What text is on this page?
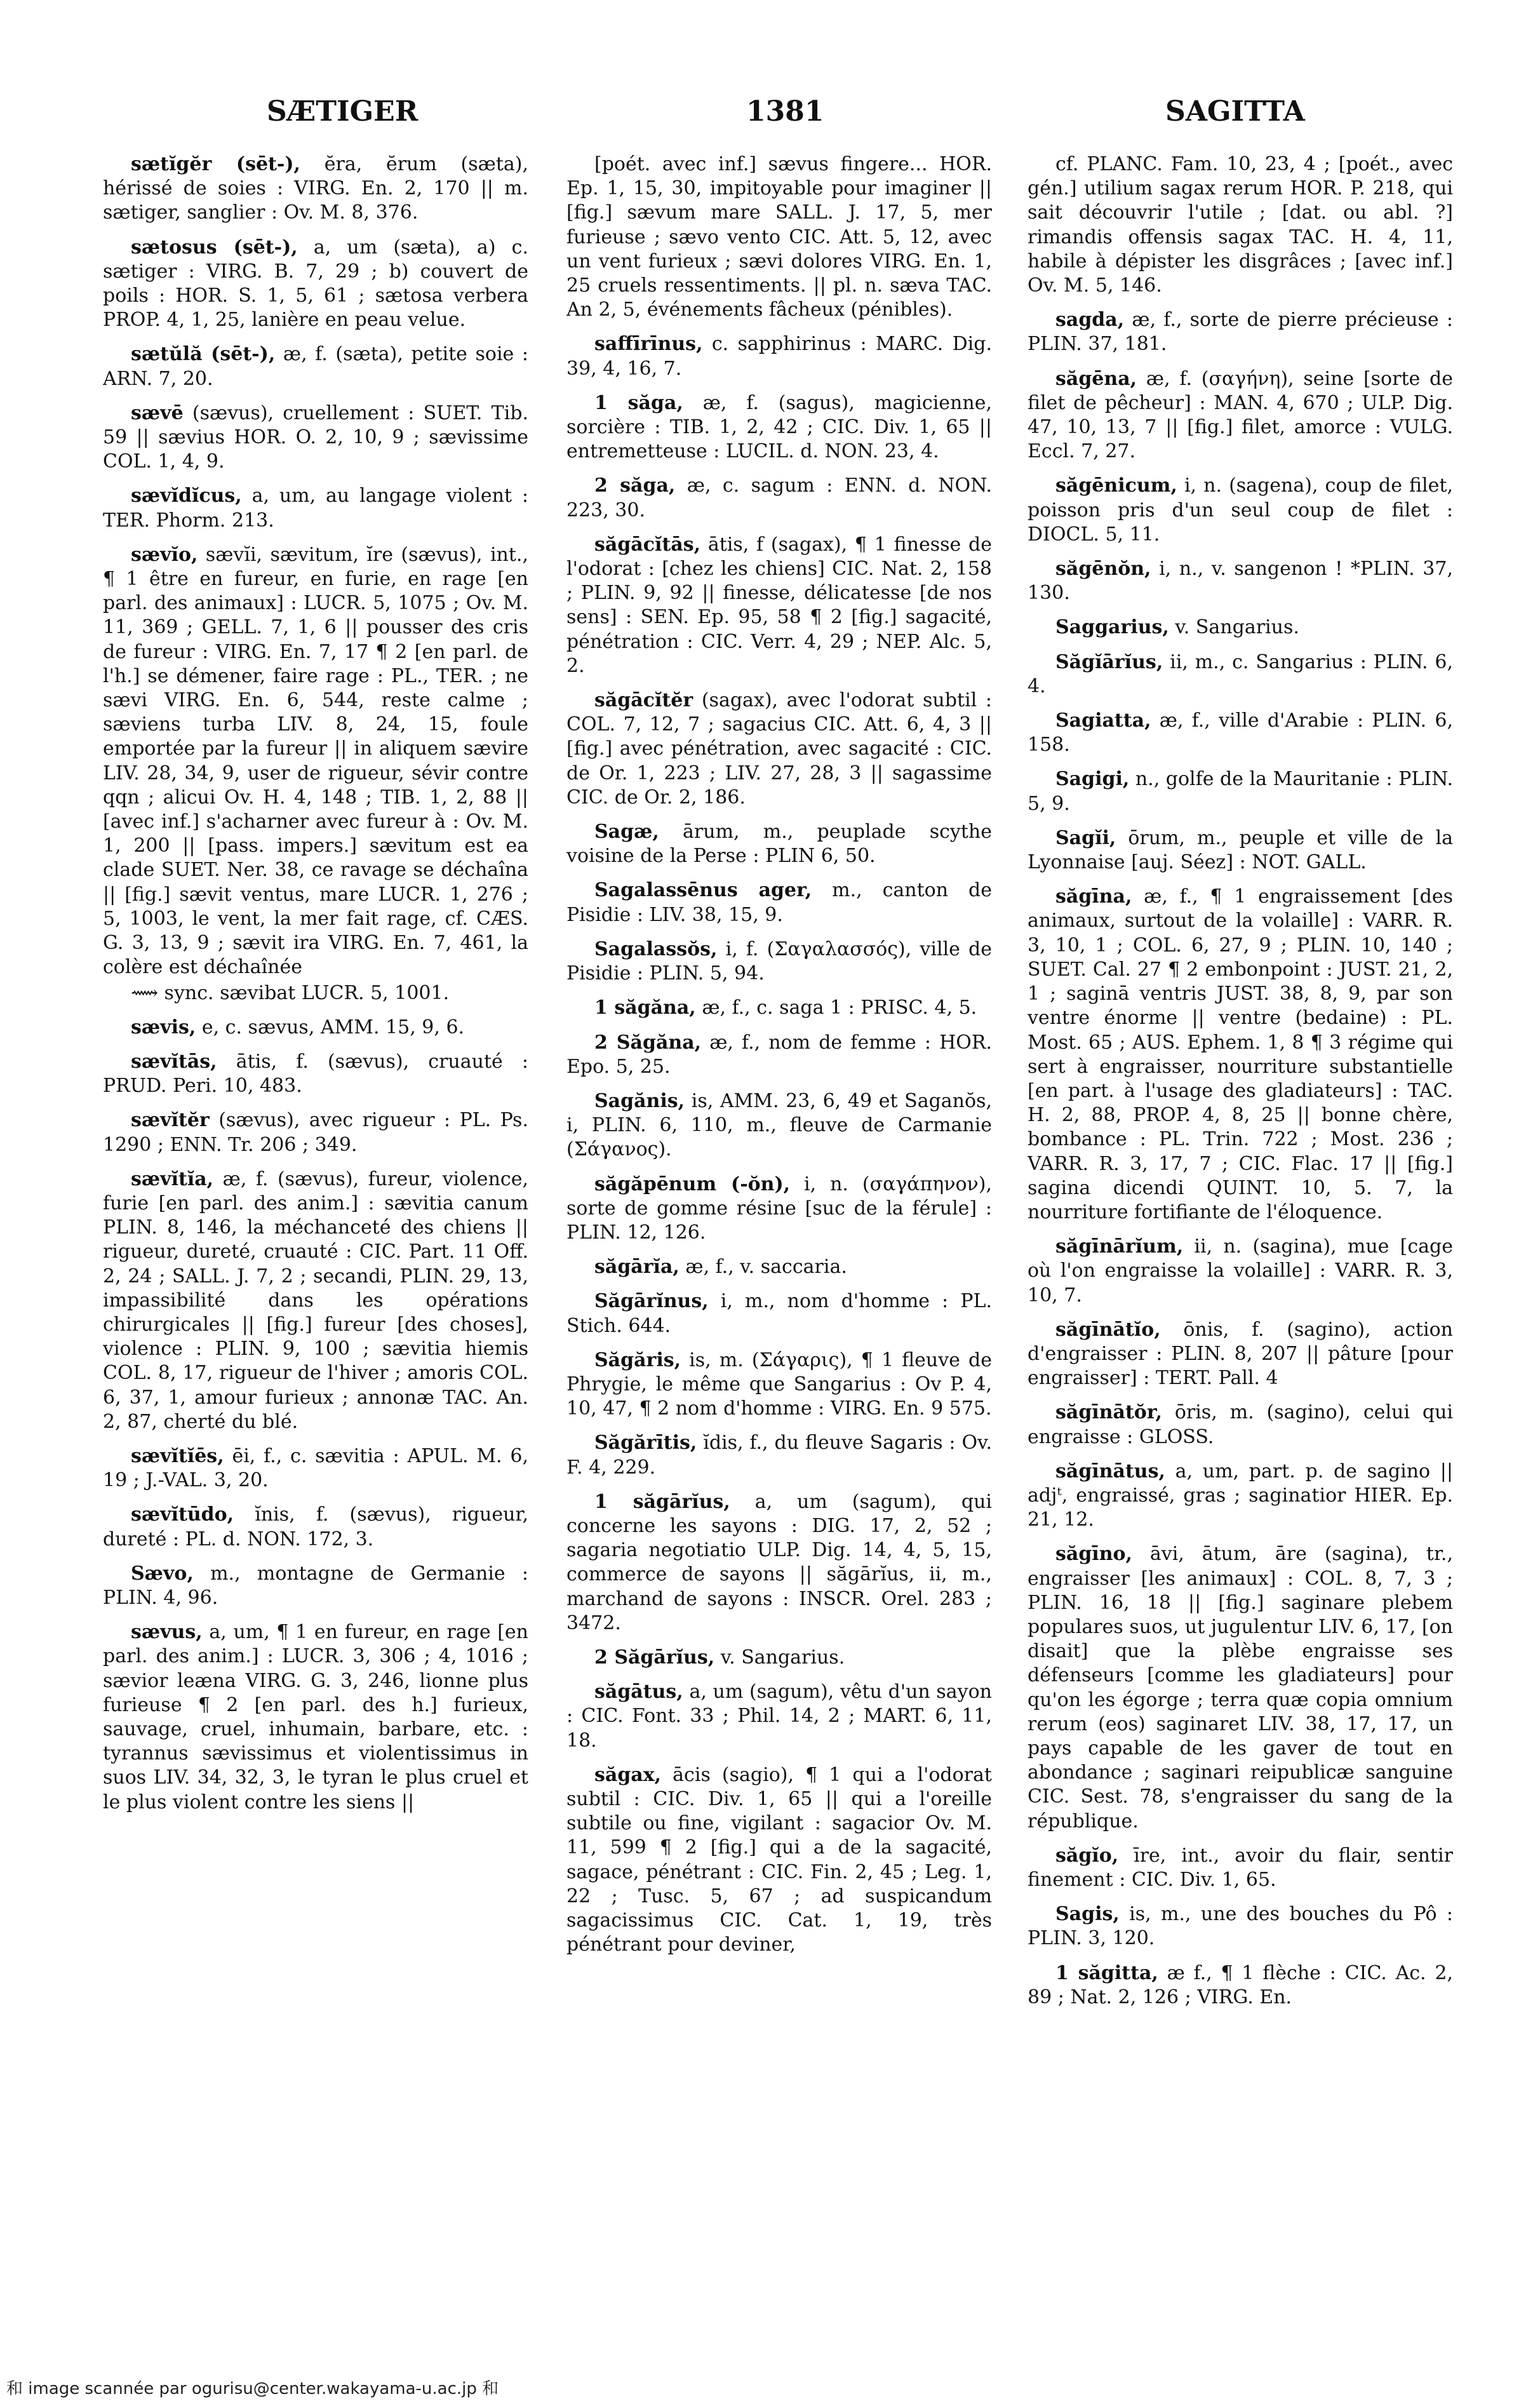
SÆTIGER	1381	SAGITTA

sætĭgĕr (sēt-), ĕra, ĕrum (sæta), hérissé de soies : VIRG. En. 2, 170 || m. sætiger, sanglier : Ov. M. 8, 376.

sætosus (sēt-), a, um (sæta), a) c. sætiger : VIRG. B. 7, 29 ; b) couvert de poils : HOR. S. 1, 5, 61 ; sætosa verbera PROP. 4, 1, 25, lanière en peau velue.

sætŭlă (sēt-), æ, f. (sæta), petite soie : ARN. 7, 20.

sævē (sævus), cruellement : SUET. Tib. 59 || sævius HOR. O. 2, 10, 9 ; sævissime COL. 1, 4, 9.

sævĭdĭcus, a, um, au langage violent : TER. Phorm. 213.

sævĭo, sævĭi, sævitum, ĭre (sævus), int., ¶ 1 être en fureur, en furie, en rage [en parl. des animaux] : LUCR. 5, 1075 ; Ov. M. 11, 369 ; GELL. 7, 1, 6 || pousser des cris de fureur : VIRG. En. 7, 17 ¶ 2 [en parl. de l'h.] se démener, faire rage : PL., TER. ; ne sævi VIRG. En. 6, 544, reste calme ; sæviens turba LIV. 8, 24, 15, foule emportée par la fureur || in aliquem sævire LIV. 28, 34, 9, user de rigueur, sévir contre qqn ; alicui Ov. H. 4, 148 ; TIB. 1, 2, 88 || [avec inf.] s'acharner avec fureur à : Ov. M. 1, 200 || [pass. impers.] sævitum est ea clade SUET. Ner. 38, ce ravage se déchaîna || [fig.] sævit ventus, mare LUCR. 1, 276 ; 5, 1003, le vent, la mer fait rage, cf. CÆS. G. 3, 13, 9 ; sævit ira VIRG. En. 7, 461, la colère est déchaînée
⟿ sync. sævibat LUCR. 5, 1001.

sævis, e, c. sævus, AMM. 15, 9, 6.

sævĭtās, ātis, f. (sævus), cruauté : PRUD. Peri. 10, 483.

sævĭtĕr (sævus), avec rigueur : PL. Ps. 1290 ; ENN. Tr. 206 ; 349.

sævĭtĭa, æ, f. (sævus), fureur, violence, furie [en parl. des anim.] : sævitia canum PLIN. 8, 146, la méchanceté des chiens || rigueur, dureté, cruauté : CIC. Part. 11 Off. 2, 24 ; SALL. J. 7, 2 ; secandi, PLIN. 29, 13, impassibilité dans les opérations chirurgicales || [fig.] fureur [des choses], violence : PLIN. 9, 100 ; sævitia hiemis COL. 8, 17, rigueur de l'hiver ; amoris COL. 6, 37, 1, amour furieux ; annonæ TAC. An. 2, 87, cherté du blé.

sævĭtĭēs, ēi, f., c. sævitia : APUL. M. 6, 19 ; J.-VAL. 3, 20.

sævĭtūdo, ĭnis, f. (sævus), rigueur, dureté : PL. d. NON. 172, 3.

Sævo, m., montagne de Germanie : PLIN. 4, 96.

sævus, a, um, ¶ 1 en fureur, en rage [en parl. des anim.] : LUCR. 3, 306 ; 4, 1016 ; sævior leæna VIRG. G. 3, 246, lionne plus furieuse ¶ 2 [en parl. des h.] furieux, sauvage, cruel, inhumain, barbare, etc. : tyrannus sævissimus et violentissimus in suos LIV. 34, 32, 3, le tyran le plus cruel et le plus violent contre les siens ||

[poét. avec inf.] sævus fingere... HOR. Ep. 1, 15, 30, impitoyable pour imaginer || [fig.] sævum mare SALL. J. 17, 5, mer furieuse ; sævo vento CIC. Att. 5, 12, avec un vent furieux ; sævi dolores VIRG. En. 1, 25 cruels ressentiments. || pl. n. sæva TAC. An 2, 5, événements fâcheux (pénibles).

saffīrīnus, c. sapphirinus : MARC. Dig. 39, 4, 16, 7.

1 săga, æ, f. (sagus), magicienne, sorcière : TIB. 1, 2, 42 ; CIC. Div. 1, 65 || entremetteuse : LUCIL. d. NON. 23, 4.

2 săga, æ, c. sagum : ENN. d. NON. 223, 30.

săgācĭtās, ātis, f (sagax), ¶ 1 finesse de l'odorat : [chez les chiens] CIC. Nat. 2, 158 ; PLIN. 9, 92 || finesse, délicatesse [de nos sens] : SEN. Ep. 95, 58 ¶ 2 [fig.] sagacité, pénétration : CIC. Verr. 4, 29 ; NEP. Alc. 5, 2.

săgācĭtĕr (sagax), avec l'odorat subtil : COL. 7, 12, 7 ; sagacius CIC. Att. 6, 4, 3 || [fig.] avec pénétration, avec sagacité : CIC. de Or. 1, 223 ; LIV. 27, 28, 3 || sagassime CIC. de Or. 2, 186.

Sagæ, ārum, m., peuplade scythe voisine de la Perse : PLIN 6, 50.

Sagalassēnus ager, m., canton de Pisidie : LIV. 38, 15, 9.

Sagalassŏs, i, f. (Σαγαλασσός), ville de Pisidie : PLIN. 5, 94.

1 săgăna, æ, f., c. saga 1 : PRISC. 4, 5.

2 Săgăna, æ, f., nom de femme : HOR. Epo. 5, 25.

Sagănis, is, AMM. 23, 6, 49 et Saganŏs, i, PLIN. 6, 110, m., fleuve de Carmanie (Σάγανος).

săgăpēnum (-ŏn), i, n. (σαγάπηνον), sorte de gomme résine [suc de la férule] : PLIN. 12, 126.

săgārĭa, æ, f., v. saccaria.

Săgārĭnus, i, m., nom d'homme : PL. Stich. 644.

Săgăris, is, m. (Σάγαρις), ¶ 1 fleuve de Phrygie, le même que Sangarius : Ov P. 4, 10, 47, ¶ 2 nom d'homme : VIRG. En. 9 575.

Săgărītis, ĭdis, f., du fleuve Sagaris : Ov. F. 4, 229.

1 săgārĭus, a, um (sagum), qui concerne les sayons : DIG. 17, 2, 52 ; sagaria negotiatio ULP. Dig. 14, 4, 5, 15, commerce de sayons || săgārĭus, ii, m., marchand de sayons : INSCR. Orel. 283 ; 3472.

2 Săgārĭus, v. Sangarius.

săgātus, a, um (sagum), vêtu d'un sayon : CIC. Font. 33 ; Phil. 14, 2 ; MART. 6, 11, 18.

săgax, ācis (sagio), ¶ 1 qui a l'odorat subtil : CIC. Div. 1, 65 || qui a l'oreille subtile ou fine, vigilant : sagacior Ov. M. 11, 599 ¶ 2 [fig.] qui a de la sagacité, sagace, pénétrant : CIC. Fin. 2, 45 ; Leg. 1, 22 ; Tusc. 5, 67 ; ad suspicandum sagacissimus CIC. Cat. 1, 19, très pénétrant pour deviner,

cf. PLANC. Fam. 10, 23, 4 ; [poét., avec gén.] utilium sagax rerum HOR. P. 218, qui sait découvrir l'utile ; [dat. ou abl. ?] rimandis offensis sagax TAC. H. 4, 11, habile à dépister les disgrâces ; [avec inf.] Ov. M. 5, 146.

sagda, æ, f., sorte de pierre précieuse : PLIN. 37, 181.

săgēna, æ, f. (σαγήνη), seine [sorte de filet de pêcheur] : MAN. 4, 670 ; ULP. Dig. 47, 10, 13, 7 || [fig.] filet, amorce : VULG. Eccl. 7, 27.

săgēnicum, i, n. (sagena), coup de filet, poisson pris d'un seul coup de filet : DIOCL. 5, 11.

săgēnŏn, i, n., v. sangenon ! *PLIN. 37, 130.

Saggarius, v. Sangarius.

Săgĭārĭus, ii, m., c. Sangarius : PLIN. 6, 4.

Sagiatta, æ, f., ville d'Arabie : PLIN. 6, 158.

Sagigi, n., golfe de la Mauritanie : PLIN. 5, 9.

Sagĭi, ōrum, m., peuple et ville de la Lyonnaise [auj. Séez] : NOT. GALL.

săgīna, æ, f., ¶ 1 engraissement [des animaux, surtout de la volaille] : VARR. R. 3, 10, 1 ; COL. 6, 27, 9 ; PLIN. 10, 140 ; SUET. Cal. 27 ¶ 2 embonpoint : JUST. 21, 2, 1 ; saginā ventris JUST. 38, 8, 9, par son ventre énorme || ventre (bedaine) : PL. Most. 65 ; AUS. Ephem. 1, 8 ¶ 3 régime qui sert à engraisser, nourriture substantielle [en part. à l'usage des gladiateurs] : TAC. H. 2, 88, PROP. 4, 8, 25 || bonne chère, bombance : PL. Trin. 722 ; Most. 236 ; VARR. R. 3, 17, 7 ; CIC. Flac. 17 || [fig.] sagina dicendi QUINT. 10, 5. 7, la nourriture fortifiante de l'éloquence.

săgīnārĭum, ii, n. (sagina), mue [cage où l'on engraisse la volaille] : VARR. R. 3, 10, 7.

săgīnātĭo, ōnis, f. (sagino), action d'engraisser : PLIN. 8, 207 || pâture [pour engraisser] : TERT. Pall. 4

săgīnātŏr, ōris, m. (sagino), celui qui engraisse : GLOSS.

săgīnātus, a, um, part. p. de sagino || adjᵗ, engraissé, gras ; saginatior HIER. Ep. 21, 12.

săgīno, āvi, ātum, āre (sagina), tr., engraisser [les animaux] : COL. 8, 7, 3 ; PLIN. 16, 18 || [fig.] saginare plebem populares suos, ut jugulentur LIV. 6, 17, [on disait] que la plèbe engraisse ses défenseurs [comme les gladiateurs] pour qu'on les égorge ; terra quæ copia omnium rerum (eos) saginaret LIV. 38, 17, 17, un pays capable de les gaver de tout en abondance ; saginari reipublicæ sanguine CIC. Sest. 78, s'engraisser du sang de la république.

săgĭo, īre, int., avoir du flair, sentir finement : CIC. Div. 1, 65.

Sagis, is, m., une des bouches du Pô : PLIN. 3, 120.

1 săgitta, æ f., ¶ 1 flèche : CIC. Ac. 2, 89 ; Nat. 2, 126 ; VIRG. En.

和 image scannée par ogurisu@center.wakayama-u.ac.jp 和
